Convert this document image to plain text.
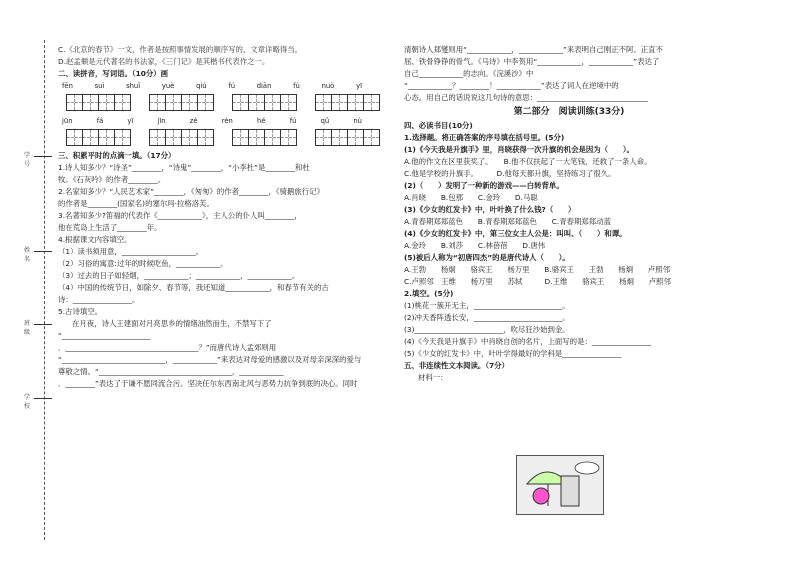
学号
姓名
班级
学校
C.《北京的春节》一文，作者是按照事情发展的顺序写的，文章详略得当。
D.赵孟頫是元代著名的书法家，《三门记》是其楷书代表作之一。
二、读拼音，写词语。（10分）画
fēn	suì	shuǐ	yuè	qiú	fú	diān	fù	nuò	yī
jūn	fá	yī	jīn	zé	rèn	hé	fú	qǔ	nù
三、积累平时的点滴一填。（17分）
1.诗人知多少？“诗圣”________，“诗鬼”________，“小李杜”是________和杜
牧。《石灰吟》的作者________。
2.名家知多少？“人民艺术家”________，《匆匆》的作者________，《骑鹅旅行记》
的作者是________(国家名)的塞尔玛·拉格洛芙。
3.名著知多少?笛福的代表作《____________》，主人公的仆人叫________，
他在荒岛上生活了________年。
4.根据课文内容填空。
（1）读书须用意，____________________。
（2）习俗的寓意:过年的时候吃鱼，____________。
（3）过去的日子如轻烟，____________；____________，____________。
（4）中国的传统节日，如除夕、春节等，我还知道____________，和春节有关的古
诗：________________。
5.古诗填空。
在月夜，诗人王建面对月亮思乡的情绪油然而生，不禁写下了
“________________________
．____________________________________？”而唐代诗人孟郊则用
“____________________________，____________”来表达对母爱的感激以及对母亲深深的爱与
尊敬之情。“____________________________________，____________
．________”表达了于谦不愿同流合污、坚决任尔东西南北风与恶势力抗争到底的决心。同时
清朝诗人郑燮则用“____________，____________”来表明自己刚正不阿、正直不
屈、铁骨铮铮的骨气。《马诗》中李贺用“____________，____________”表达了
自己____________的志向。《浣溪沙》中
“____________？________！____________”表达了词人在逆境中的
心态。用自己的话说说这几句诗的意思：______________________________
第二部分　阅读训练(33分)
四、必读书目(10分)
1.选择题。将正确答案的序号填在括号里。(5分)
(1)《今天我是升旗手》里，肖晓获得一次升旗的机会是因为（　　）。
A.他的作文在区里获奖了。　　B.他不仅扶起了一大笔钱，还救了一条人命。
C.他是学校的升旗手。　　　D.他每天都升旗，坚持练习了很久。
(2)（　　）发明了一种新的游戏——白转背单。
A.肖晓　　B.包那　　C.金玲　　D.马聪
(3)《少女的红发卡》中，叶叶换了什么钱?（　　）
A.青春期郑郑蓝色　　B.青春期郑郑蓝色　　C.青春期郑郑动蓝
(4)《少女的红发卡》中，第三位女主人公是：叫叫、（　　）和谭。
A.金玲　　B.刘莎　　C.林蓓蓓　　D.唐伟
(5)被后人称为“初唐四杰”的是唐代诗人（　　）。
A.王勃　　杨炯　　骆宾王　　杨万里　　B.骆宾王　　王勃　　杨炯　　卢照邻
C.卢照邻　王维　　杨万里　　苏轼　　　D.王维　　骆宾王　　杨炯　　卢照邻
2.填空。(5分)
(1)桃花一簇开无主，________________________。
(2)冲天香阵透长安，________________________。
(3)________________________，吹尽狂沙始到金。
(4)《今天我是升旗手》中肖晓自创的名片，上面写的是：________________
(5)《少女的红发卡》中，叶叶学得最好的学科是________________
五、非连续性文本阅读。（7分）
材料一：
